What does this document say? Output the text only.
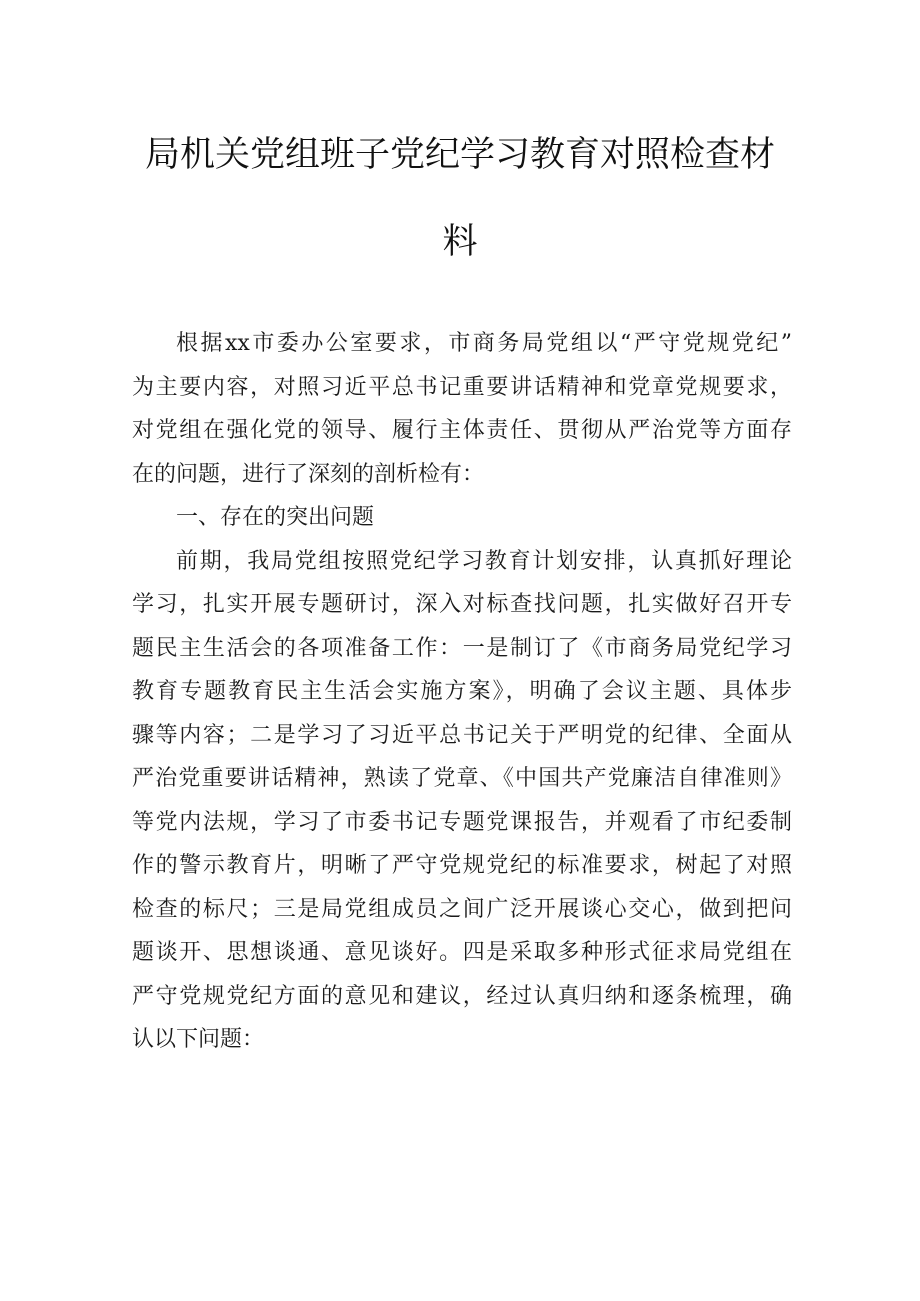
局机关党组班子党纪学习教育对照检查材
料
根据xx市委办公室要求，市商务局党组以“严守党规党纪”
为主要内容，对照习近平总书记重要讲话精神和党章党规要求，
对党组在强化党的领导、履行主体责任、贯彻从严治党等方面存
在的问题，进行了深刻的剖析检有：
一、存在的突出问题
前期，我局党组按照党纪学习教育计划安排，认真抓好理论
学习，扎实开展专题研讨，深入对标查找问题，扎实做好召开专
题民主生活会的各项准备工作：一是制订了《市商务局党纪学习
教育专题教育民主生活会实施方案》，明确了会议主题、具体步
骤等内容；二是学习了习近平总书记关于严明党的纪律、全面从
严治党重要讲话精神，熟读了党章、《中国共产党廉洁自律准则》
等党内法规，学习了市委书记专题党课报告，并观看了市纪委制
作的警示教育片，明晰了严守党规党纪的标准要求，树起了对照
检查的标尺；三是局党组成员之间广泛开展谈心交心，做到把问
题谈开、思想谈通、意见谈好。四是采取多种形式征求局党组在
严守党规党纪方面的意见和建议，经过认真归纳和逐条梳理，确
认以下问题：
